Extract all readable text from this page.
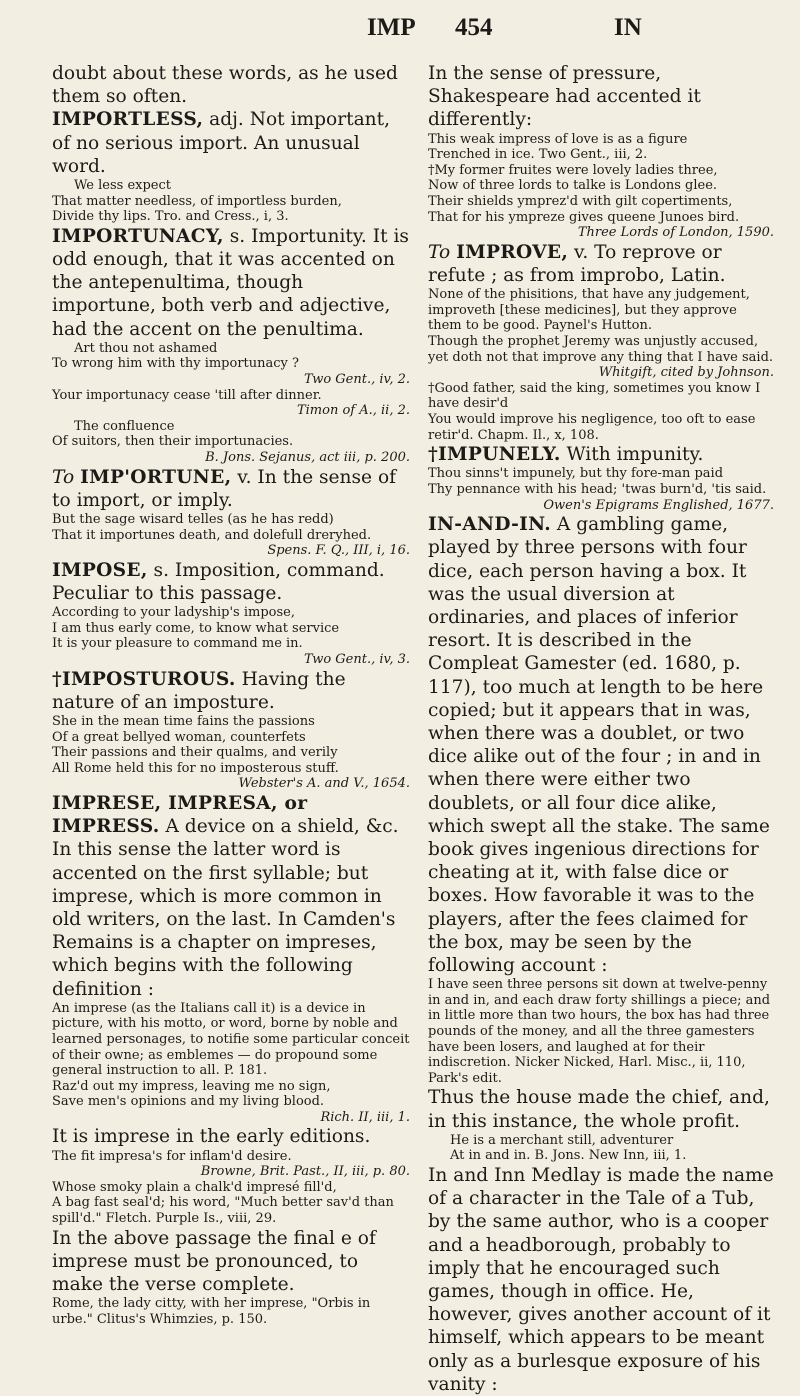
IMP 454	IN

doubt about these words, as he used them so often.

IMPORTLESS, adj. Not important, of no serious import. An unusual word.

We less expect

That matter needless, of importless burden,

Divide thy lips. Tro. and Cress., i, 3.

IMPORTUNACY, s. Importunity. It is odd enough, that it was accented on the antepenultima, though importune, both verb and adjective, had the accent on the penultima.

Art thou not ashamed

To wrong him with thy importunacy ?

Two Gent., iv, 2.

Your importunacy cease 'till after dinner.

Timon of A., ii, 2.

The confluence

Of suitors, then their importunacies.

B. Jons. Sejanus, act iii, p. 200.

To IMP'ORTUNE, v. In the sense of to import, or imply.

But the sage wisard telles (as he has redd)

That it importunes death, and dolefull dreryhed.

Spens. F. Q., III, i, 16.

IMPOSE, s. Imposition, command. Peculiar to this passage.

According to your ladyship's impose,

I am thus early come, to know what service

It is your pleasure to command me in.

Two Gent., iv, 3.

†IMPOSTUROUS. Having the nature of an imposture.

She in the mean time fains the passions

Of a great bellyed woman, counterfets

Their passions and their qualms, and verily

All Rome held this for no imposterous stuff.

Webster's A. and V., 1654.

IMPRESE, IMPRESA, or IMPRESS. A device on a shield, &c. In this sense the latter word is accented on the first syllable; but imprese, which is more common in old writers, on the last. In Camden's Remains is a chapter on impreses, which begins with the following definition :

An imprese (as the Italians call it) is a device in picture, with his motto, or word, borne by noble and learned personages, to notifie some particular conceit of their owne; as emblemes — do propound some general instruction to all. P. 181.

Raz'd out my impress, leaving me no sign,

Save men's opinions and my living blood.

Rich. II, iii, 1.

It is imprese in the early editions.

The fit impresa's for inflam'd desire.

Browne, Brit. Past., II, iii, p. 80.

Whose smoky plain a chalk'd impresé fill'd,

A bag fast seal'd; his word, "Much better sav'd than spill'd." Fletch. Purple Is., viii, 29.

In the above passage the final e of imprese must be pronounced, to make the verse complete.

Rome, the lady citty, with her imprese, "Orbis in urbe." Clitus's Whimzies, p. 150.

In the sense of pressure, Shakespeare had accented it differently:

This weak impress of love is as a figure

Trenched in ice. Two Gent., iii, 2.

†My former fruites were lovely ladies three,

Now of three lords to talke is Londons glee.

Their shields ymprez'd with gilt copertiments,

That for his ympreze gives queene Junoes bird.

Three Lords of London, 1590.

To IMPROVE, v. To reprove or refute ; as from improbo, Latin.

None of the phisitions, that have any judgement, improveth [these medicines], but they approve them to be good. Paynel's Hutton.

Though the prophet Jeremy was unjustly accused, yet doth not that improve any thing that I have said.

Whitgift, cited by Johnson.

†Good father, said the king, sometimes you know I have desir'd

You would improve his negligence, too oft to ease retir'd. Chapm. Il., x, 108.

†IMPUNELY. With impunity.

Thou sinns't impunely, but thy fore-man paid

Thy pennance with his head; 'twas burn'd, 'tis said.

Owen's Epigrams Englished, 1677.

IN-AND-IN. A gambling game, played by three persons with four dice, each person having a box. It was the usual diversion at ordinaries, and places of inferior resort. It is described in the Compleat Gamester (ed. 1680, p. 117), too much at length to be here copied; but it appears that in was, when there was a doublet, or two dice alike out of the four ; in and in when there were either two doublets, or all four dice alike, which swept all the stake. The same book gives ingenious directions for cheating at it, with false dice or boxes. How favorable it was to the players, after the fees claimed for the box, may be seen by the following account :

I have seen three persons sit down at twelve-penny in and in, and each draw forty shillings a piece; and in little more than two hours, the box has had three pounds of the money, and all the three gamesters have been losers, and laughed at for their indiscretion. Nicker Nicked, Harl. Misc., ii, 110, Park's edit.

Thus the house made the chief, and, in this instance, the whole profit.

He is a merchant still, adventurer

At in and in. B. Jons. New Inn, iii, 1.

In and Inn Medlay is made the name of a character in the Tale of a Tub, by the same author, who is a cooper and a headborough, probably to imply that he encouraged such games, though in office. He, however, gives another account of it himself, which appears to be meant only as a burlesque exposure of his vanity :
